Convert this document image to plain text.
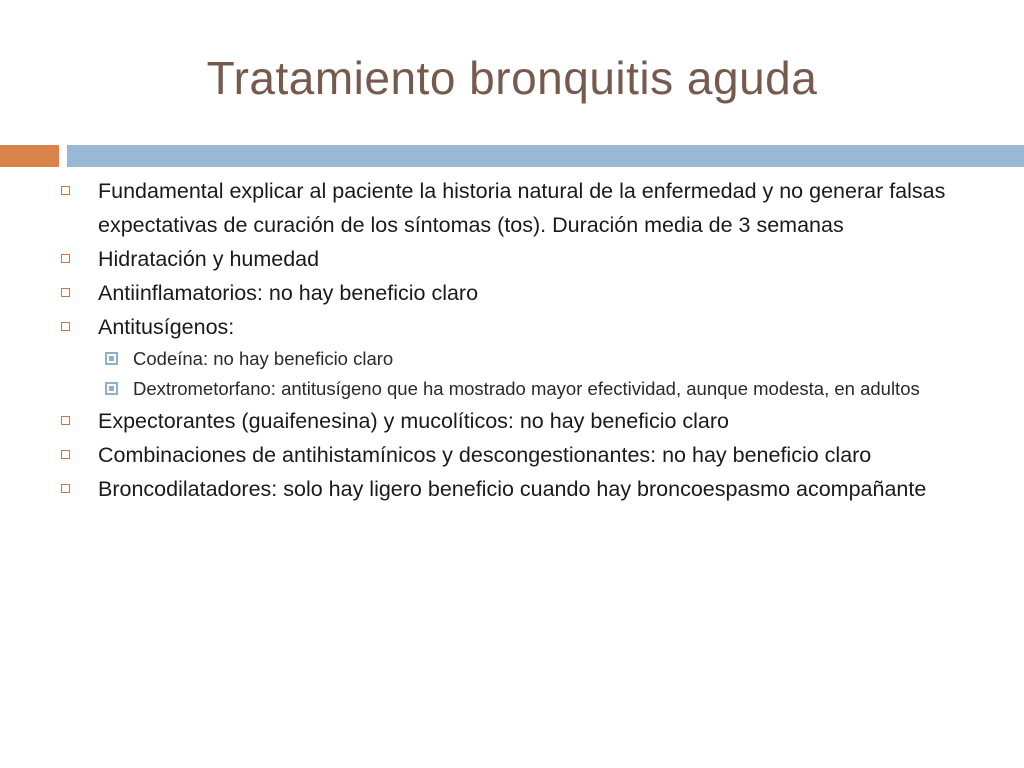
Tratamiento bronquitis aguda
Fundamental explicar al paciente la historia natural de la enfermedad y no generar falsas expectativas de curación de los síntomas (tos). Duración media de 3 semanas
Hidratación y humedad
Antiinflamatorios: no hay beneficio claro
Antitusígenos:
Codeína: no hay beneficio claro
Dextrometorfano: antitusígeno que ha mostrado mayor efectividad, aunque modesta, en adultos
Expectorantes (guaifenesina) y mucolíticos: no hay beneficio claro
Combinaciones de antihistamínicos y descongestionantes: no hay beneficio claro
Broncodilatadores: solo hay ligero beneficio cuando hay broncoespasmo acompañante
